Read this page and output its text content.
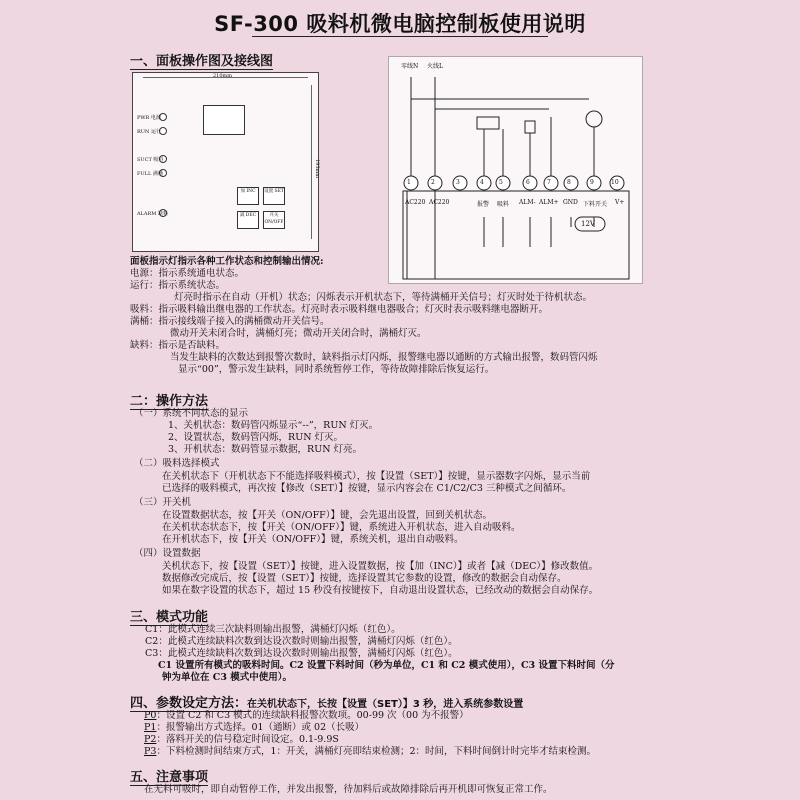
SF-300 吸料机微电脑控制板使用说明
一、面板操作图及接线图
210mm
193mm
PWR 电源
RUN 运行
SUCT 吸料
FULL 满桶
ALARM 缺料
加 INC	设置 SET
减 DEC	开关 ON/OFF
零线N 火线L
1	2	3	4	5	6	7	8	9	10
AC220 AC220	报警 吸料 ALM- ALM+ GND 下料开关 V+
12V
面板指示灯指示各种工作状态和控制输出情况:
电源：指示系统通电状态。
运行：指示系统状态。
灯亮时指示在自动（开机）状态；闪烁表示开机状态下，等待满桶开关信号；灯灭时处于待机状态。
吸料：指示吸料输出继电器的工作状态。灯亮时表示吸料继电器吸合；灯灭时表示吸料继电器断开。
满桶：指示接线端子接入的满桶微动开关信号。
微动开关未闭合时，满桶灯亮；微动开关闭合时，满桶灯灭。
缺料：指示是否缺料。
当发生缺料的次数达到报警次数时，缺料指示灯闪烁，报警继电器以通断的方式输出报警，数码管闪烁
显示“00”，警示发生缺料，同时系统暂停工作，等待故障排除后恢复运行。
二：操作方法
（一）系统不同状态的显示
1、关机状态：数码管闪烁显示“--”，RUN 灯灭。
2、设置状态，数码管闪烁，RUN 灯灭。
3、开机状态：数码管显示数据，RUN 灯亮。
（二）吸料选择模式
在关机状态下（开机状态下不能选择吸料模式），按【设置（SET）】按键，显示器数字闪烁，显示当前
已选择的吸料模式，再次按【修改（SET）】按键，显示内容会在 C1/C2/C3 三种模式之间循环。
（三）开关机
在设置数据状态，按【开关（ON/OFF）】键，会先退出设置，回到关机状态。
在关机状态状态下，按【开关（ON/OFF）】键，系统进入开机状态，进入自动吸料。
在开机状态下，按【开关（ON/OFF）】键，系统关机，退出自动吸料。
（四）设置数据
关机状态下，按【设置（SET）】按键，进入设置数据，按【加（INC）】或者【减（DEC）】修改数值。
数据修改完成后，按【设置（SET）】按键，选择设置其它参数的设置，修改的数据会自动保存。
如果在数字设置的状态下，超过 15 秒没有按键按下，自动退出设置状态，已经改动的数据会自动保存。
三、模式功能
C1：此模式连续三次缺料则输出报警，满桶灯闪烁（红色）。
C2：此模式连续缺料次数到达设次数时则输出报警，满桶灯闪烁（红色）。
C3：此模式连续缺料次数到达设次数时则输出报警，满桶灯闪烁（红色）。
C1 设置所有模式的吸料时间。C2 设置下料时间（秒为单位，C1 和 C2 模式使用），C3 设置下料时间（分
钟为单位在 C3 模式中使用）。
四、参数设定方法：在关机状态下，长按【设置（SET）】3 秒，进入系统参数设置
P0：设置 C2 和 C3 模式的连续缺料报警次数项。00-99 次（00 为不报警）
P1：报警输出方式选择。01（通断）或 02（长吸）
P2：落料开关的信号稳定时间设定。0.1-9.9S
P3：下料检测时间结束方式，1：开关，满桶灯亮即结束检测；2：时间，下料时间倒计时完毕才结束检测。
五、注意事项
在无料可吸时，即自动暂停工作，并发出报警，待加料后或故障排除后再开机即可恢复正常工作。
